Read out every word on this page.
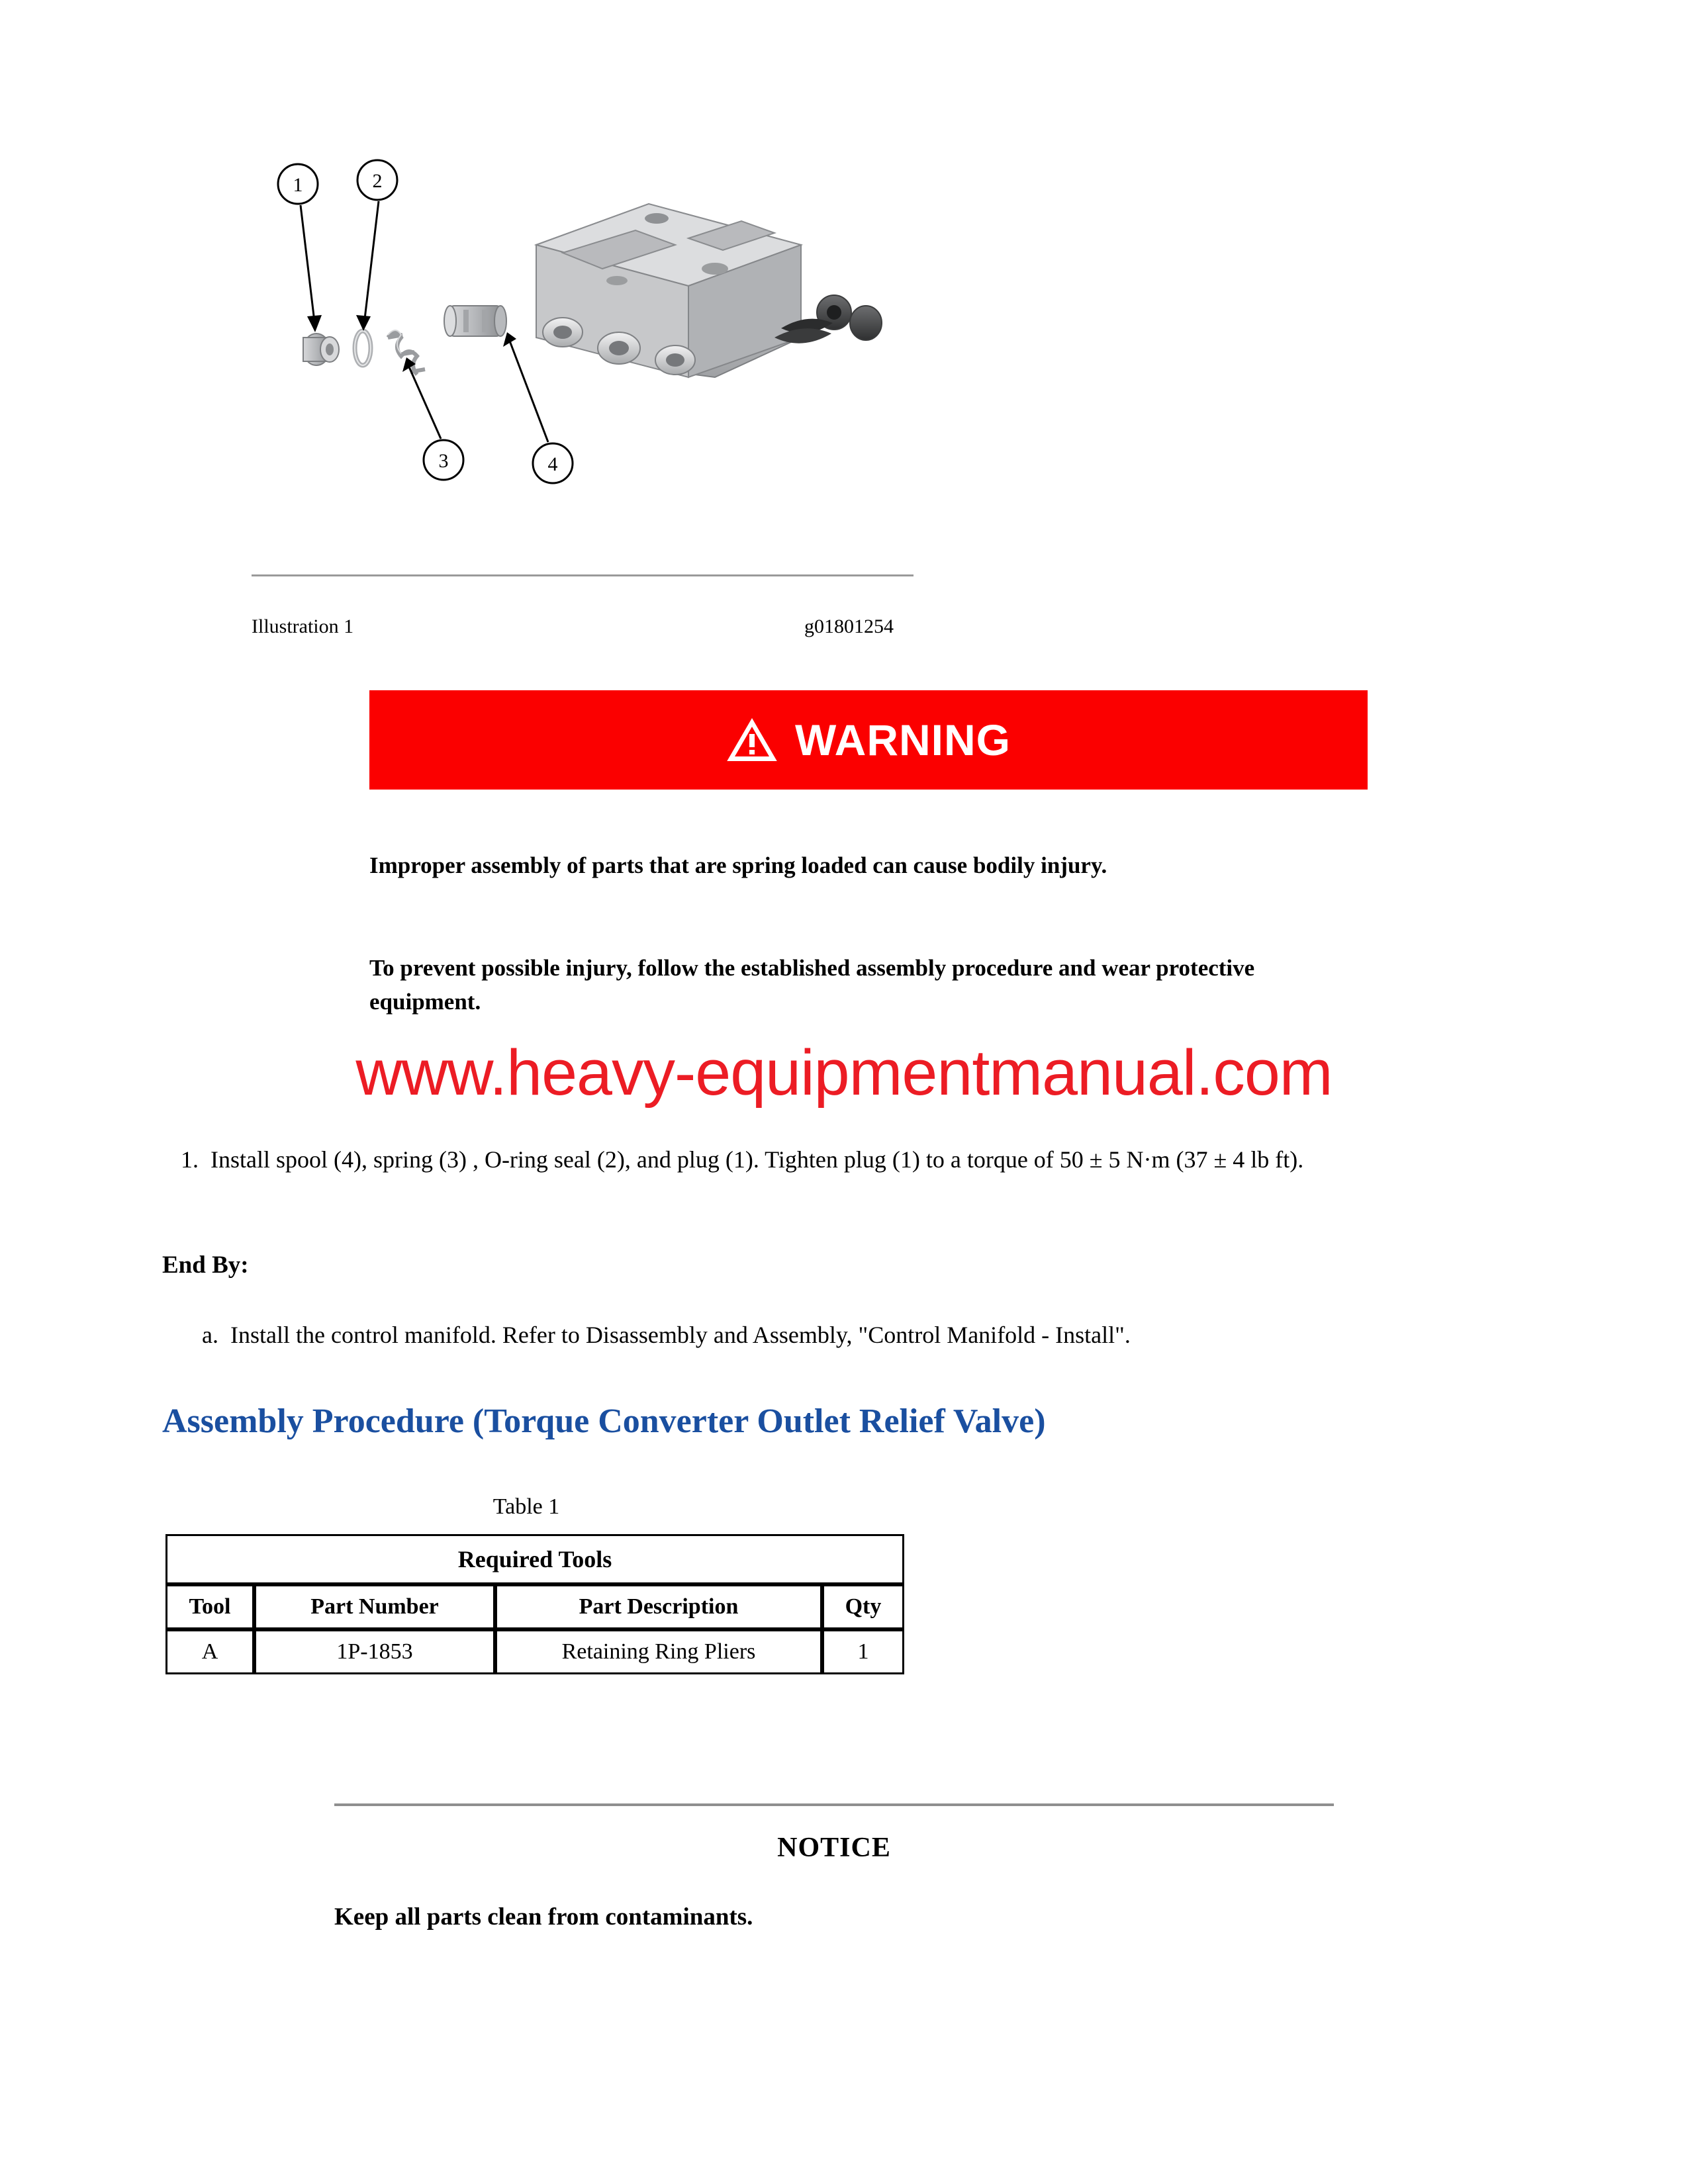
1	2
3	4
Illustration 1	g01801254
WARNING
Improper assembly of parts that are spring loaded can cause bodily injury.
To prevent possible injury, follow the established assembly procedure and wear protective equipment.
www.heavy-equipmentmanual.com
1. Install spool (4), spring (3) , O-ring seal (2), and plug (1). Tighten plug (1) to a torque of 50 ± 5 N·m (37 ± 4 lb ft).
End By:
a. Install the control manifold. Refer to Disassembly and Assembly, "Control Manifold - Install".
Assembly Procedure (Torque Converter Outlet Relief Valve)
Table 1
Required Tools			
Tool	Part Number	Part Description	Qty
A	1P-1853	Retaining Ring Pliers	1
NOTICE
Keep all parts clean from contaminants.
